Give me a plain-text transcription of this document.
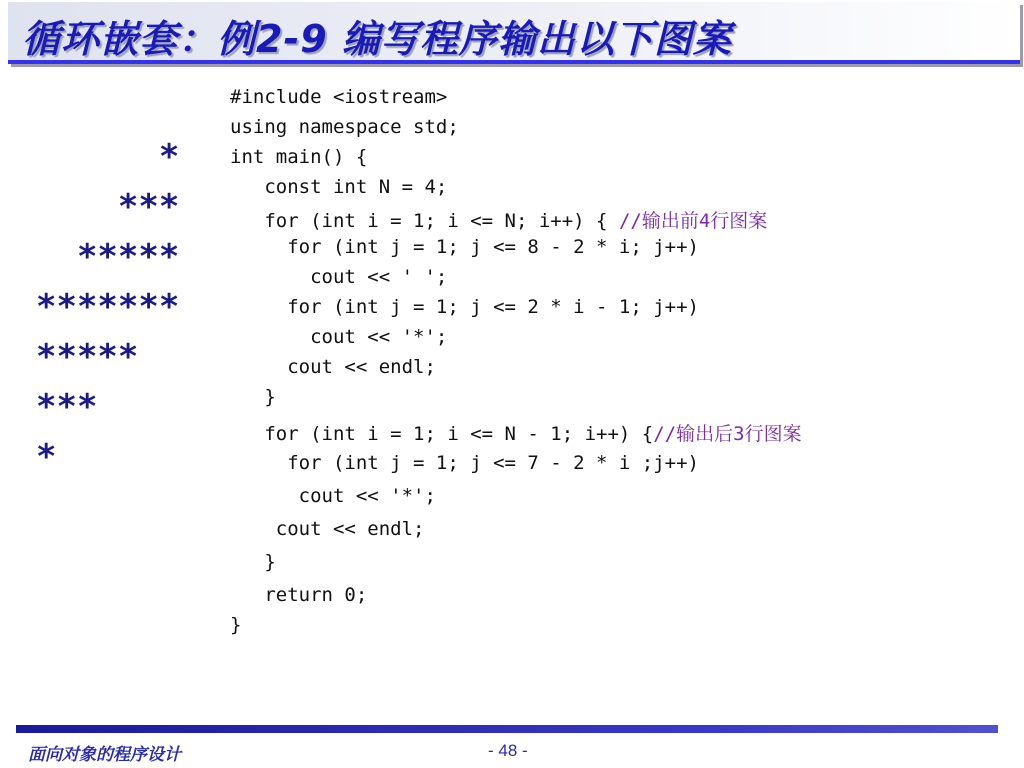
循环嵌套：例2-9 编写程序输出以下图案
*
***
*****
*******
*****
***
*
#include <iostream>
using namespace std;
int main() {
const int N = 4;
for (int i = 1; i <= N; i++) { //输出前4行图案
for (int j = 1; j <= 8 - 2 * i; j++)
cout << ' ';
for (int j = 1; j <= 2 * i - 1; j++)
cout << '*';
cout << endl;
}
for (int i = 1; i <= N - 1; i++) {//输出后3行图案
for (int j = 1; j <= 7 - 2 * i ;j++)
cout << '*';
cout << endl;
}
return 0;
}
面向对象的程序设计	- 48 -
